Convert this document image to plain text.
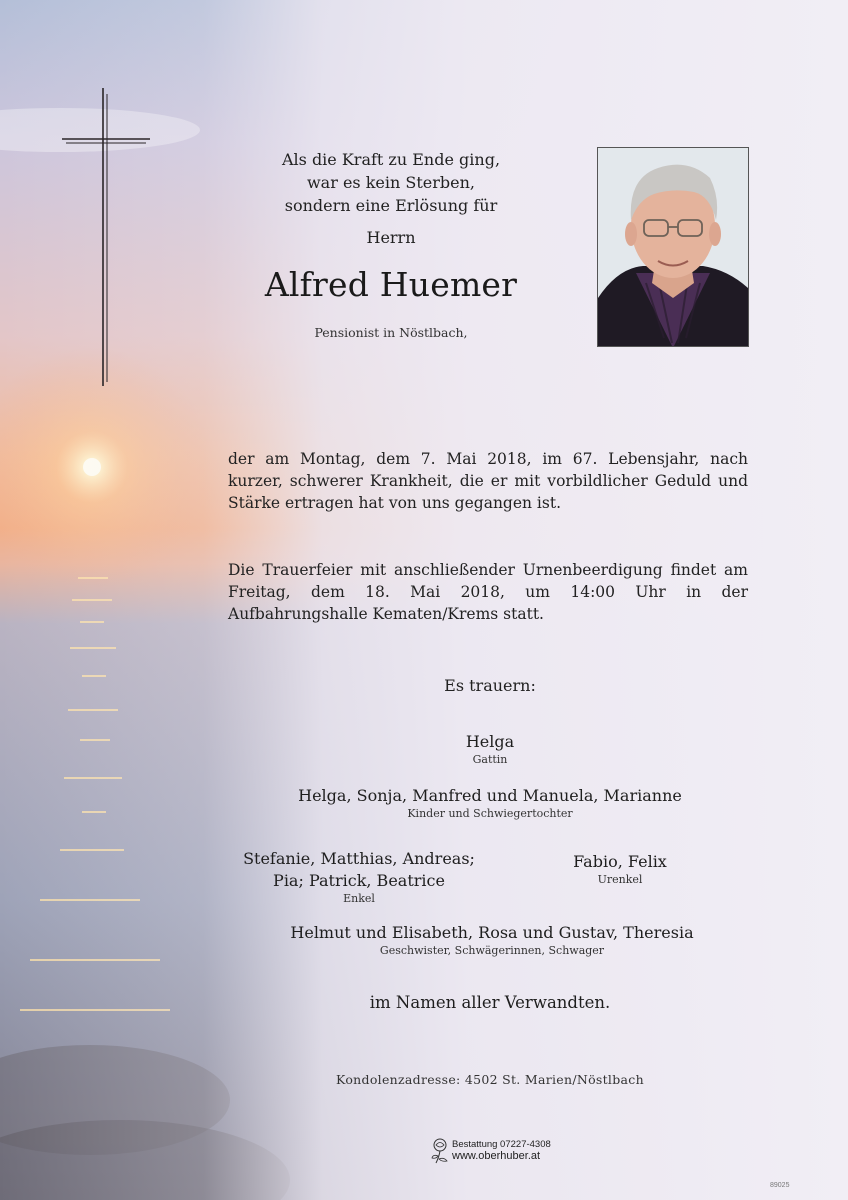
Als die Kraft zu Ende ging,
war es kein Sterben,
sondern eine Erlösung für
Herrn
Alfred Huemer
Pensionist in Nöstlbach,
der am Montag, dem 7. Mai 2018, im 67. Lebensjahr, nach kurzer, schwerer Krankheit, die er mit vorbildlicher Geduld und Stärke ertragen hat von uns gegangen ist.
Die Trauerfeier mit anschließender Urnenbeerdigung findet am Freitag, dem 18. Mai 2018, um 14:00 Uhr in der Aufbahrungshalle Kematen/Krems statt.
Es trauern:
Helga
Gattin
Helga, Sonja, Manfred und Manuela, Marianne
Kinder und Schwiegertochter
Stefanie, Matthias, Andreas;
Pia; Patrick, Beatrice
Enkel
Fabio, Felix
Urenkel
Helmut und Elisabeth, Rosa und Gustav, Theresia
Geschwister, Schwägerinnen, Schwager
im Namen aller Verwandten.
Kondolenzadresse: 4502 St. Marien/Nöstlbach
Bestattung 07227-4308
www.oberhuber.at
89025
